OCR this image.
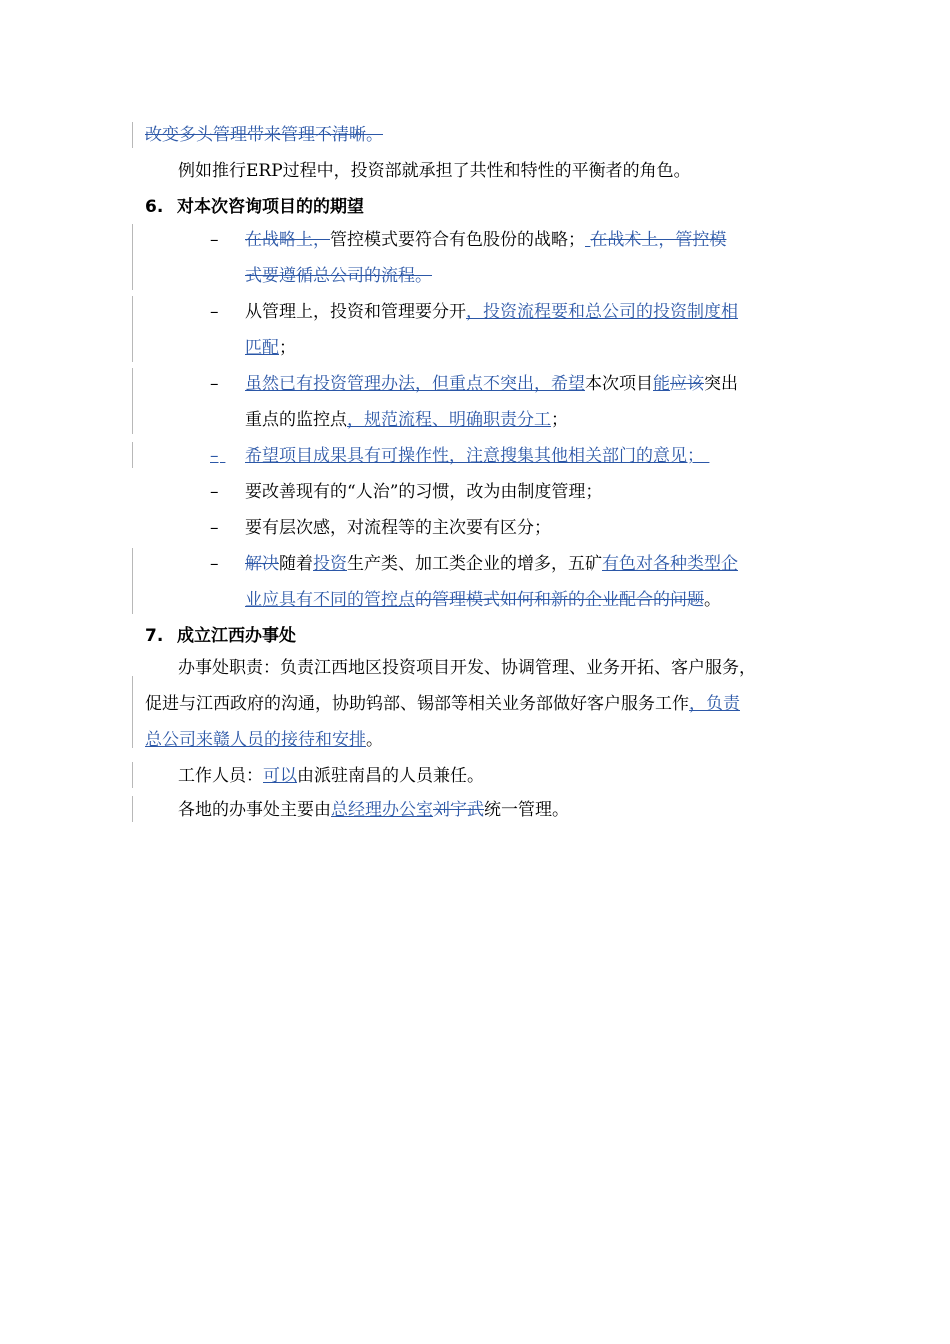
改变多头管理带来管理不清晰。
例如推行ERP过程中，投资部就承担了共性和特性的平衡者的角色。
6. 对本次咨询项目的的期望
– 在战略上，管控模式要符合有色股份的战略； 在战术上，管控模
式要遵循总公司的流程。
– 从管理上，投资和管理要分开，投资流程要和总公司的投资制度相
匹配；
– 虽然已有投资管理办法，但重点不突出，希望本次项目能应该突出
重点的监控点，规范流程、明确职责分工；
–
希望项目成果具有可操作性，注意搜集其他相关部门的意见；
– 要改善现有的“人治”的习惯，改为由制度管理；
– 要有层次感，对流程等的主次要有区分；
– 解决随着投资生产类、加工类企业的增多，五矿有色对各种类型企
业应具有不同的管控点的管理模式如何和新的企业配合的问题。
7. 成立江西办事处
办事处职责：负责江西地区投资项目开发、协调管理、业务开拓、客户服务，
促进与江西政府的沟通，协助钨部、锡部等相关业务部做好客户服务工作，负责
总公司来赣人员的接待和安排。
工作人员：可以由派驻南昌的人员兼任。
各地的办事处主要由总经理办公室刘宇武统一管理。
